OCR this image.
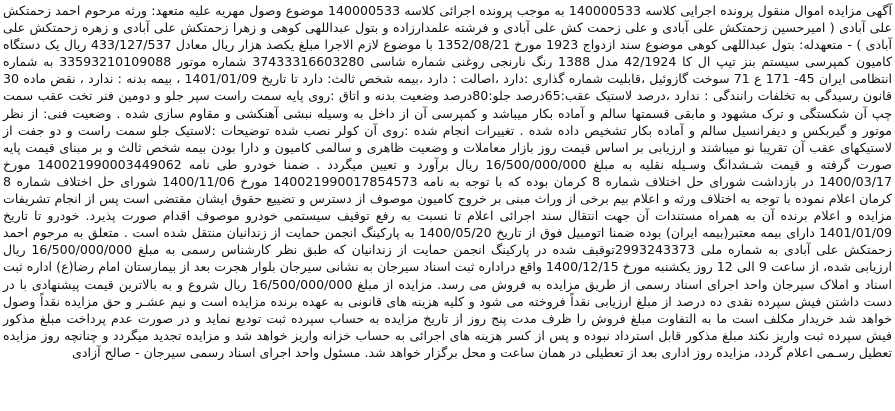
آگهی مزایده اموال منقول پرونده اجرایی کلاسه 140000533 به موجب پرونده اجرائی کلاسه 140000533 موضوع وصول مهریه علیه متعهد: ورثه مرحوم احمد زحمتکش علی آبادی ( امیرحسین زحمتکش علی آبادی و علی زحمت کش علی آبادی و فرشته علمدارزاده و بتول عبداللهی کوهی و زهرا زحمتکش علی آبادی و زهره زحمتکش علی آبادی ) - متعهدله: بتول عبداللهی کوهی موضوع سند ازدواج 1923 مورخ 1352/08/21 با موضوع لازم الاجرا مبلغ یکصد هزار ریال معادل 433/127/537 ریال یک دستگاه کامیون کمپرسی سیستم بنز تیپ ال کا 42/1924 مدل 1388 رنگ نارنجی روغنی شماره شاسی 37433316603280 شماره موتور 33593210109088 به شماره انتظامی ایران 45- 171 ع 71 سوخت گازوئیل ،قابلیت شماره گذاری :دارد ،اصالت : دارد ،بیمه شخص ثالث: دارد تا تاریخ 1401/01/09 ، بیمه بدنه : ندارد ، نقض ماده 30 قانون رسیدگی به تخلفات رانندگی : ندارد ،درصد لاستیک عقب:65درصد جلو:80درصد وضعیت بدنه و اتاق :روی پایه سمت راست سپر جلو و دومین فنر تخت عقب سمت چپ آن شکستگی و ترک مشهود و مابقی قسمتها سالم و آماده بکار میباشد و کمپرسی آن از داخل به وسیله نبشی آهنکشی و مقاوم سازی شده . وضعیت فنی: از نظر موتور و گیربکس و دیفرانسیل سالم و آماده بکار تشخیص داده شده . تغییرات انجام شده :روی آن کولر نصب شده توضیحات :لاستیک جلو سمت راست و دو جفت از لاستیکهای عقب آن تقریبا نو میباشند و ارزیابی بر اساس قیمت روز بازار معاملات و وضعیت ظاهری و سالمی کامیون و دارا بودن بیمه شخص ثالث و بر مبنای قیمت پایه صورت گرفته و قیمت شـشدانگ وسـیله نقلیه به مبلغ 16/500/000/000 ریال برآورد و تعیین میگردد . ضمنا خودرو طی نامه 140021990003449062 مورخ 1400/03/17 در بازداشت شورای حل اختلاف شماره 8 کرمان بوده که با توجه به نامه 140021990017854573 مورخ 1400/11/06 شورای حل اختلاف شماره 8 کرمان اعلام نموده با توجه به اختلاف ورثه و اعلام بیم برخی از وراث مبنی بر خروج کامیون موصوف از دسترس و تضییع حقوق ایشان مقتضی است پس از انجام تشریفات مزایده و اعلام برنده آن به همراه مستندات آن جهت انتقال سند اجرائی اعلام تا نسبت به رفع توقیف سیستمی خودرو موصوف اقدام صورت پذیرد. خودرو تا تاریخ 1401/01/09 دارای بیمه معتبر(بیمه ایران) بوده ضمنا اتومبیل فوق از تاریخ 1400/05/20 به پارکینگ انجمن حمایت از زندانیان منتقل شده است . متعلق به مرحوم احمد زحمتکش علی آبادی به شماره ملی 2993243373توقیف شده در پارکینگ انجمن حمایت از زندانیان که طبق نظر کارشناس رسمی به مبلغ 16/500/000/000 ریال ارزیابی شده، از ساعت 9 الی 12 روز یکشنبه مورخ 1400/12/15 واقع دراداره ثبت اسناد سیرجان به نشانی سیرجان بلوار هجرت بعد از بیمارستان امام رضا(ع) اداره ثبت اسناد و املاک سیرجان واحد اجرای اسناد رسمی از طریق مزایده به فروش می رسد. مزایده از مبلغ 16/500/000/000 ریال شروع و به بالاترین قیمت پیشنهادی با در دست داشتن فیش سپرده نقدی ده درصد از مبلغ ارزیابی نقداً فروخته می شود و کلیه هزینه های قانونی به عهده برنده مزایده است و نیم عشـر و حق مزایده نقداً وصول خواهد شد خریدار مکلف است ما به التفاوت مبلغ فروش را ظرف مدت پنج روز از تاریخ مزایده به حساب سپرده ثبت تودیع نماید و در صورت عدم پرداخت مبلغ مذکور فیش سپرده ثبت واریز نکند مبلغ مذکور قابل استرداد نبوده و پس از کسر هزینه های اجرائی به حساب خزانه واریز خواهد شد و مزایده تجدید میگردد و چنانچه روز مزایده تعطیل رسـمی اعلام گردد، مزایده روز اداری بعد از تعطیلی در همان ساعت و محل برگزار خواهد شد. مسئول واحد اجرای اسناد رسمی سیرجان - صالح آزادی
